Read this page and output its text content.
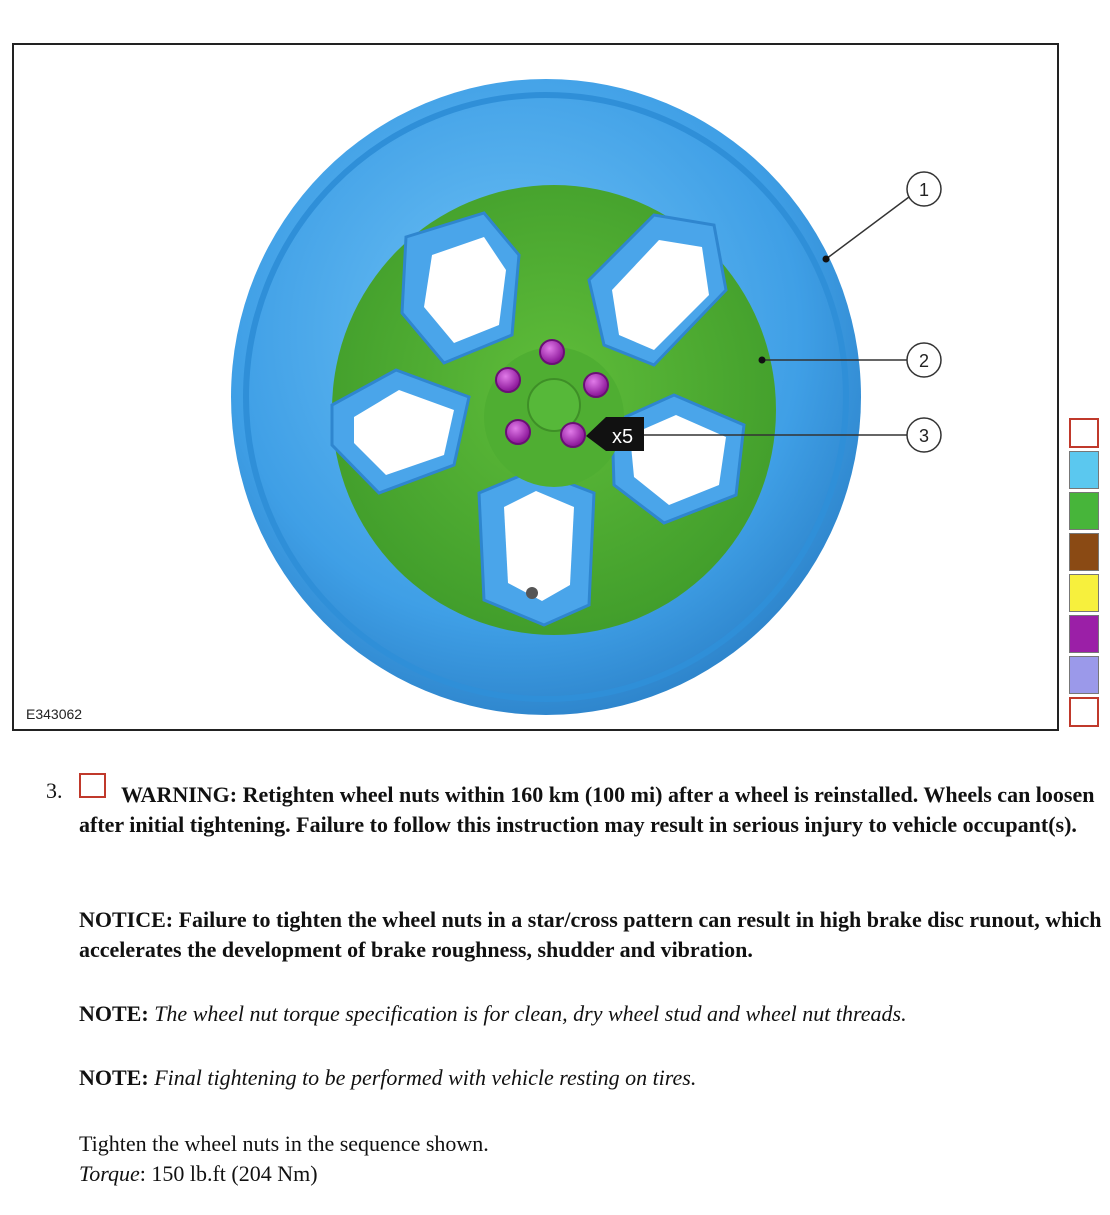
x5
1
2
3
E343062
3.	WARNING: Retighten wheel nuts within 160 km (100 mi) after a wheel is reinstalled. Wheels can loosen after initial tightening. Failure to follow this instruction may result in serious injury to vehicle occupant(s).
NOTICE: Failure to tighten the wheel nuts in a star/cross pattern can result in high brake disc runout, which accelerates the development of brake roughness, shudder and vibration.
NOTE: The wheel nut torque specification is for clean, dry wheel stud and wheel nut threads.
NOTE: Final tightening to be performed with vehicle resting on tires.
Tighten the wheel nuts in the sequence shown.
Torque: 150 lb.ft (204 Nm)
